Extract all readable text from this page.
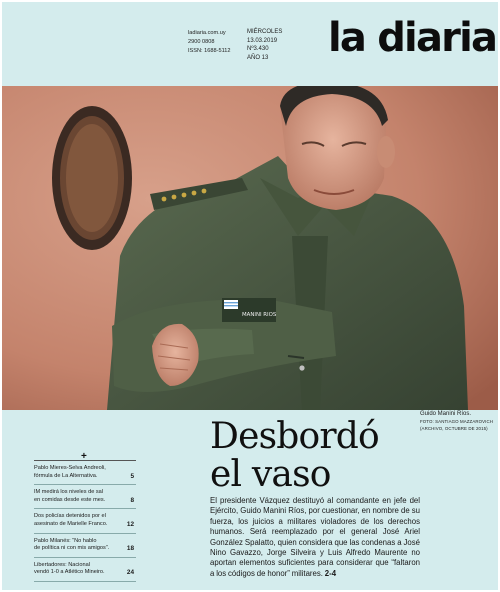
ladiaria.com.uy
2900 0808
ISSN: 1688-5112
MIÉRCOLES
13.03.2019
Nº3.430
AÑO 13	la diaria
MANINI RIOS
Guido Manini Ríos.
FOTO: SANTIAGO MAZZAROVICH
(ARCHIVO, OCTUBRE DE 2015)
+
Pablo Mieres-Selva Andreoli,
fórmula de La Alternativa.	5
IM medirá los niveles de sal
en comidas desde este mes.	8
Dos policías detenidos por el
asesinato de Marielle Franco.	12
Pablo Milanés: “No hablo
de política ni con mis amigos”.	18
Libertadores: Nacional
vendó 1-0 a Atlético Mineiro.	24
Desbordó
el vaso
El presidente Vázquez destituyó al comandante en jefe del Ejército, Guido Manini Ríos, por cuestionar, en nombre de su fuerza, los juicios a militares violadores de los derechos humanos. Será reemplazado por el general José Ariel González Spalatto, quien considera que las condenas a José Nino Gavazzo, Jorge Silveira y Luis Alfredo Maurente no aportan elementos suficientes para considerar que “faltaron a los códigos de honor” militares. 2-4
